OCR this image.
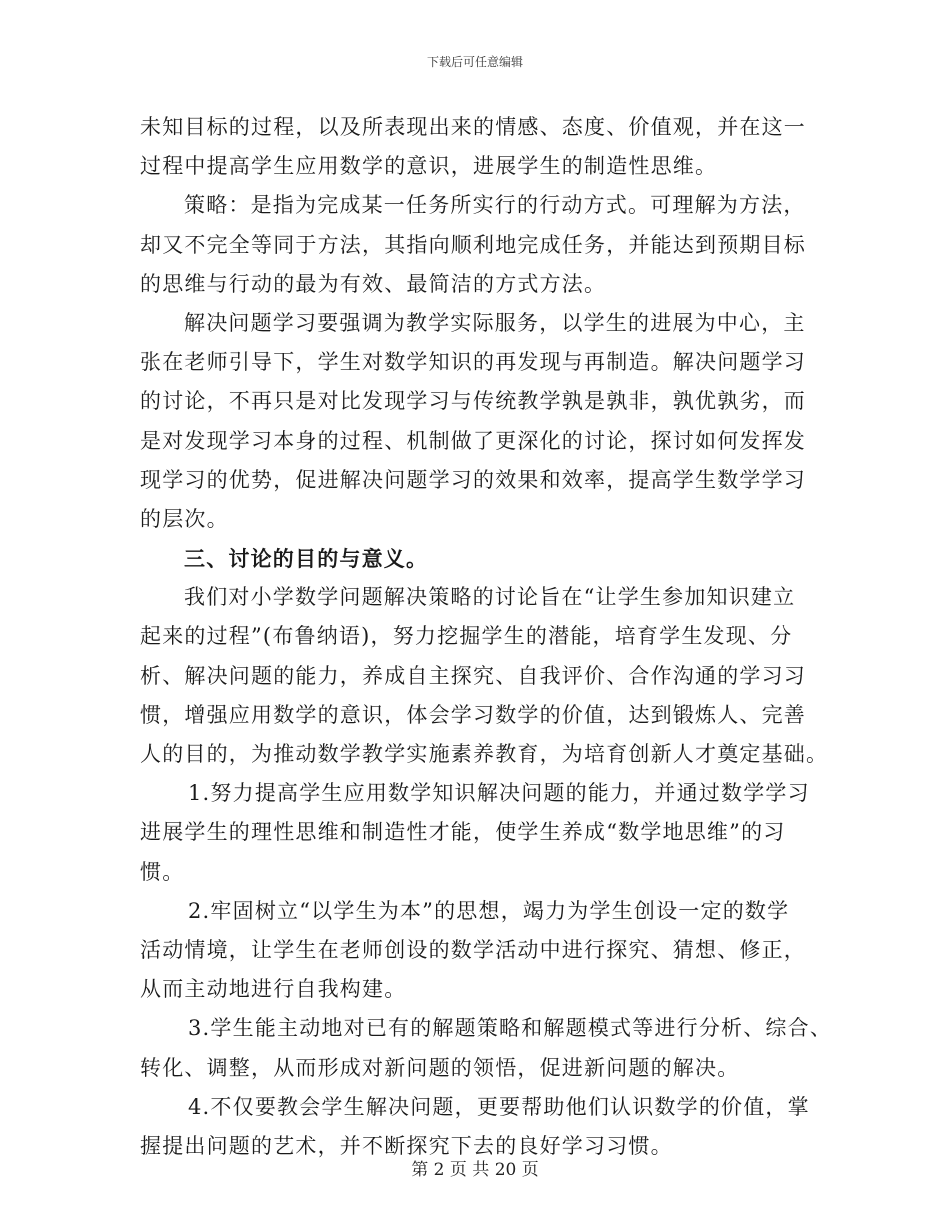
下载后可任意编辑
未知目标的过程，以及所表现出来的情感、态度、价值观，并在这一
过程中提高学生应用数学的意识，进展学生的制造性思维。
策略：是指为完成某一任务所实行的行动方式。可理解为方法，
却又不完全等同于方法，其指向顺利地完成任务，并能达到预期目标
的思维与行动的最为有效、最简洁的方式方法。
解决问题学习要强调为教学实际服务，以学生的进展为中心，主
张在老师引导下，学生对数学知识的再发现与再制造。解决问题学习
的讨论，不再只是对比发现学习与传统教学孰是孰非，孰优孰劣，而
是对发现学习本身的过程、机制做了更深化的讨论，探讨如何发挥发
现学习的优势，促进解决问题学习的效果和效率，提高学生数学学习
的层次。
三、讨论的目的与意义。
我们对小学数学问题解决策略的讨论旨在“让学生参加知识建立
起来的过程”(布鲁纳语)，努力挖掘学生的潜能，培育学生发现、分
析、解决问题的能力，养成自主探究、自我评价、合作沟通的学习习
惯，增强应用数学的意识，体会学习数学的价值，达到锻炼人、完善
人的目的，为推动数学教学实施素养教育，为培育创新人才奠定基础。
1.努力提高学生应用数学知识解决问题的能力，并通过数学学习
进展学生的理性思维和制造性才能，使学生养成“数学地思维”的习
惯。
2.牢固树立“以学生为本”的思想，竭力为学生创设一定的数学
活动情境，让学生在老师创设的数学活动中进行探究、猜想、修正，
从而主动地进行自我构建。
3.学生能主动地对已有的解题策略和解题模式等进行分析、综合、
转化、调整，从而形成对新问题的领悟，促进新问题的解决。
4.不仅要教会学生解决问题，更要帮助他们认识数学的价值，掌
握提出问题的艺术，并不断探究下去的良好学习习惯。
第 2 页 共 20 页
